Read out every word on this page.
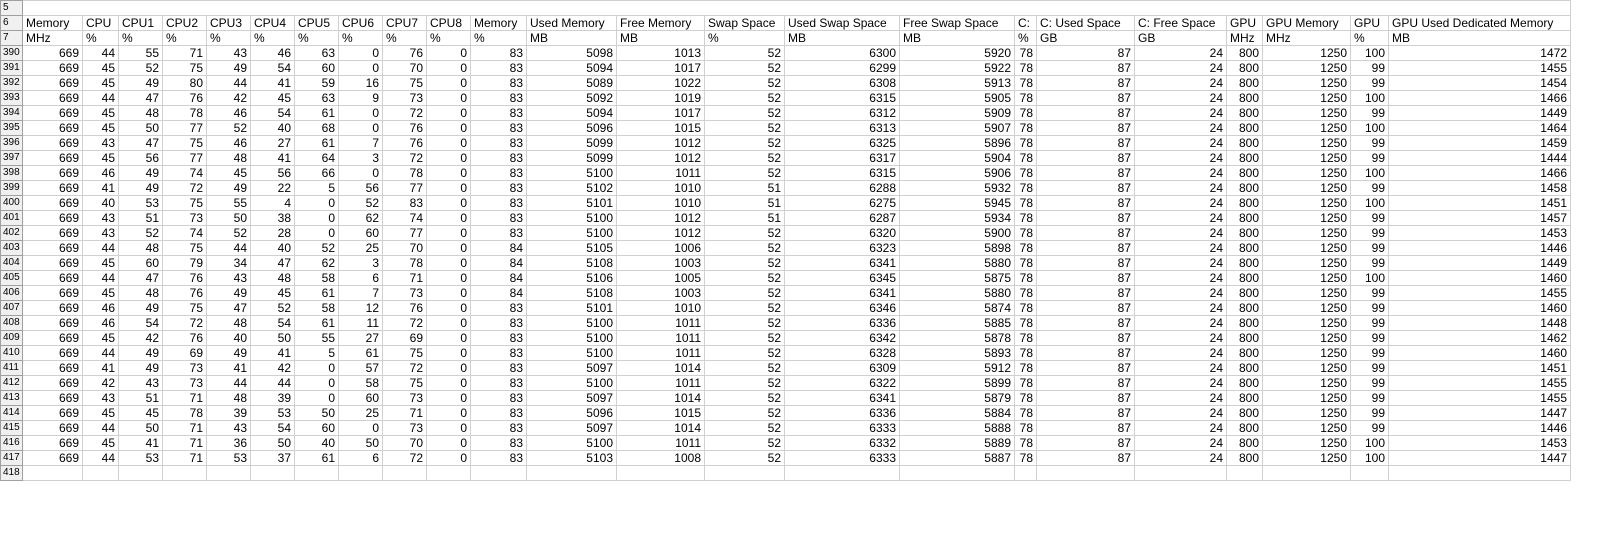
5																							
6	Memory	CPU	CPU1	CPU2	CPU3	CPU4	CPU5	CPU6	CPU7	CPU8	Memory	Used Memory	Free Memory	Swap Space	Used Swap Space	Free Swap Space	C:	C: Used Space	C: Free Space	GPU	GPU Memory	GPU	GPU Used Dedicated Memory
7	MHz	%	%	%	%	%	%	%	%	%	%	MB	MB	%	MB	MB	%	GB	GB	MHz	MHz	%	MB
390	669	44	55	71	43	46	63	0	76	0	83	5098	1013	52	6300	5920	78	87	24	800	1250	100	1472
391	669	45	52	75	49	54	60	0	70	0	83	5094	1017	52	6299	5922	78	87	24	800	1250	99	1455
392	669	45	49	80	44	41	59	16	75	0	83	5089	1022	52	6308	5913	78	87	24	800	1250	99	1454
393	669	44	47	76	42	45	63	9	73	0	83	5092	1019	52	6315	5905	78	87	24	800	1250	100	1466
394	669	45	48	78	46	54	61	0	72	0	83	5094	1017	52	6312	5909	78	87	24	800	1250	99	1449
395	669	45	50	77	52	40	68	0	76	0	83	5096	1015	52	6313	5907	78	87	24	800	1250	100	1464
396	669	43	47	75	46	27	61	7	76	0	83	5099	1012	52	6325	5896	78	87	24	800	1250	99	1459
397	669	45	56	77	48	41	64	3	72	0	83	5099	1012	52	6317	5904	78	87	24	800	1250	99	1444
398	669	46	49	74	45	56	66	0	78	0	83	5100	1011	52	6315	5906	78	87	24	800	1250	100	1466
399	669	41	49	72	49	22	5	56	77	0	83	5102	1010	51	6288	5932	78	87	24	800	1250	99	1458
400	669	40	53	75	55	4	0	52	83	0	83	5101	1010	51	6275	5945	78	87	24	800	1250	100	1451
401	669	43	51	73	50	38	0	62	74	0	83	5100	1012	51	6287	5934	78	87	24	800	1250	99	1457
402	669	43	52	74	52	28	0	60	77	0	83	5100	1012	52	6320	5900	78	87	24	800	1250	99	1453
403	669	44	48	75	44	40	52	25	70	0	84	5105	1006	52	6323	5898	78	87	24	800	1250	99	1446
404	669	45	60	79	34	47	62	3	78	0	84	5108	1003	52	6341	5880	78	87	24	800	1250	99	1449
405	669	44	47	76	43	48	58	6	71	0	84	5106	1005	52	6345	5875	78	87	24	800	1250	100	1460
406	669	45	48	76	49	45	61	7	73	0	84	5108	1003	52	6341	5880	78	87	24	800	1250	99	1455
407	669	46	49	75	47	52	58	12	76	0	83	5101	1010	52	6346	5874	78	87	24	800	1250	99	1460
408	669	46	54	72	48	54	61	11	72	0	83	5100	1011	52	6336	5885	78	87	24	800	1250	99	1448
409	669	45	42	76	40	50	55	27	69	0	83	5100	1011	52	6342	5878	78	87	24	800	1250	99	1462
410	669	44	49	69	49	41	5	61	75	0	83	5100	1011	52	6328	5893	78	87	24	800	1250	99	1460
411	669	41	49	73	41	42	0	57	72	0	83	5097	1014	52	6309	5912	78	87	24	800	1250	99	1451
412	669	42	43	73	44	44	0	58	75	0	83	5100	1011	52	6322	5899	78	87	24	800	1250	99	1455
413	669	43	51	71	48	39	0	60	73	0	83	5097	1014	52	6341	5879	78	87	24	800	1250	99	1455
414	669	45	45	78	39	53	50	25	71	0	83	5096	1015	52	6336	5884	78	87	24	800	1250	99	1447
415	669	44	50	71	43	54	60	0	73	0	83	5097	1014	52	6333	5888	78	87	24	800	1250	99	1446
416	669	45	41	71	36	50	40	50	70	0	83	5100	1011	52	6332	5889	78	87	24	800	1250	100	1453
417	669	44	53	71	53	37	61	6	72	0	83	5103	1008	52	6333	5887	78	87	24	800	1250	100	1447
418																							
